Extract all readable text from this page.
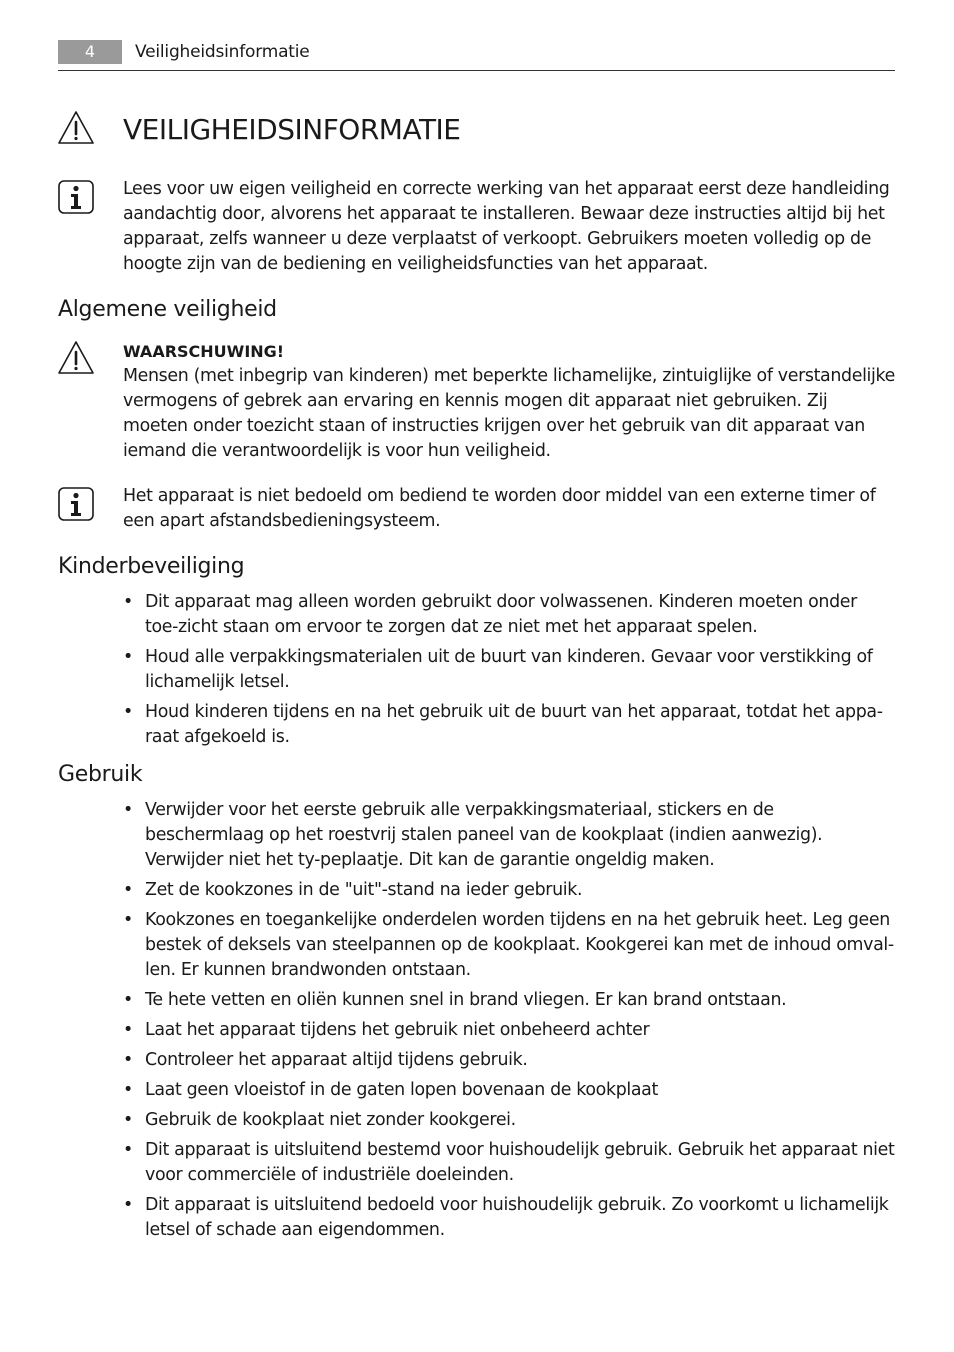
4	Veiligheidsinformatie
VEILIGHEIDSINFORMATIE

Lees voor uw eigen veiligheid en correcte werking van het apparaat eerst deze handleiding aandachtig door, alvorens het apparaat te installeren. Bewaar deze instructies altijd bij het apparaat, zelfs wanneer u deze verplaatst of verkoopt. Gebruikers moeten volledig op de hoogte zijn van de bediening en veiligheidsfuncties van het apparaat.

Algemene veiligheid
WAARSCHUWING!
Mensen (met inbegrip van kinderen) met beperkte lichamelijke, zintuiglijke of verstandelijke vermogens of gebrek aan ervaring en kennis mogen dit apparaat niet gebruiken. Zij moeten onder toezicht staan of instructies krijgen over het gebruik van dit apparaat van iemand die verantwoordelijk is voor hun veiligheid.

Het apparaat is niet bedoeld om bediend te worden door middel van een externe timer of een apart afstandsbedieningsysteem.

Kinderbeveiliging
• Dit apparaat mag alleen worden gebruikt door volwassenen. Kinderen moeten onder toe-zicht staan om ervoor te zorgen dat ze niet met het apparaat spelen.
• Houd alle verpakkingsmaterialen uit de buurt van kinderen. Gevaar voor verstikking of lichamelijk letsel.
• Houd kinderen tijdens en na het gebruik uit de buurt van het apparaat, totdat het appa-raat afgekoeld is.
Gebruik
• Verwijder voor het eerste gebruik alle verpakkingsmateriaal, stickers en de beschermlaag op het roestvrij stalen paneel van de kookplaat (indien aanwezig). Verwijder niet het ty-peplaatje. Dit kan de garantie ongeldig maken.
• Zet de kookzones in de "uit"-stand na ieder gebruik.
• Kookzones en toegankelijke onderdelen worden tijdens en na het gebruik heet. Leg geen bestek of deksels van steelpannen op de kookplaat. Kookgerei kan met de inhoud omval-len. Er kunnen brandwonden ontstaan.
• Te hete vetten en oliën kunnen snel in brand vliegen. Er kan brand ontstaan.
• Laat het apparaat tijdens het gebruik niet onbeheerd achter
• Controleer het apparaat altijd tijdens gebruik.
• Laat geen vloeistof in de gaten lopen bovenaan de kookplaat
• Gebruik de kookplaat niet zonder kookgerei.
• Dit apparaat is uitsluitend bestemd voor huishoudelijk gebruik. Gebruik het apparaat niet voor commerciële of industriële doeleinden.
• Dit apparaat is uitsluitend bedoeld voor huishoudelijk gebruik. Zo voorkomt u lichamelijk letsel of schade aan eigendommen.
